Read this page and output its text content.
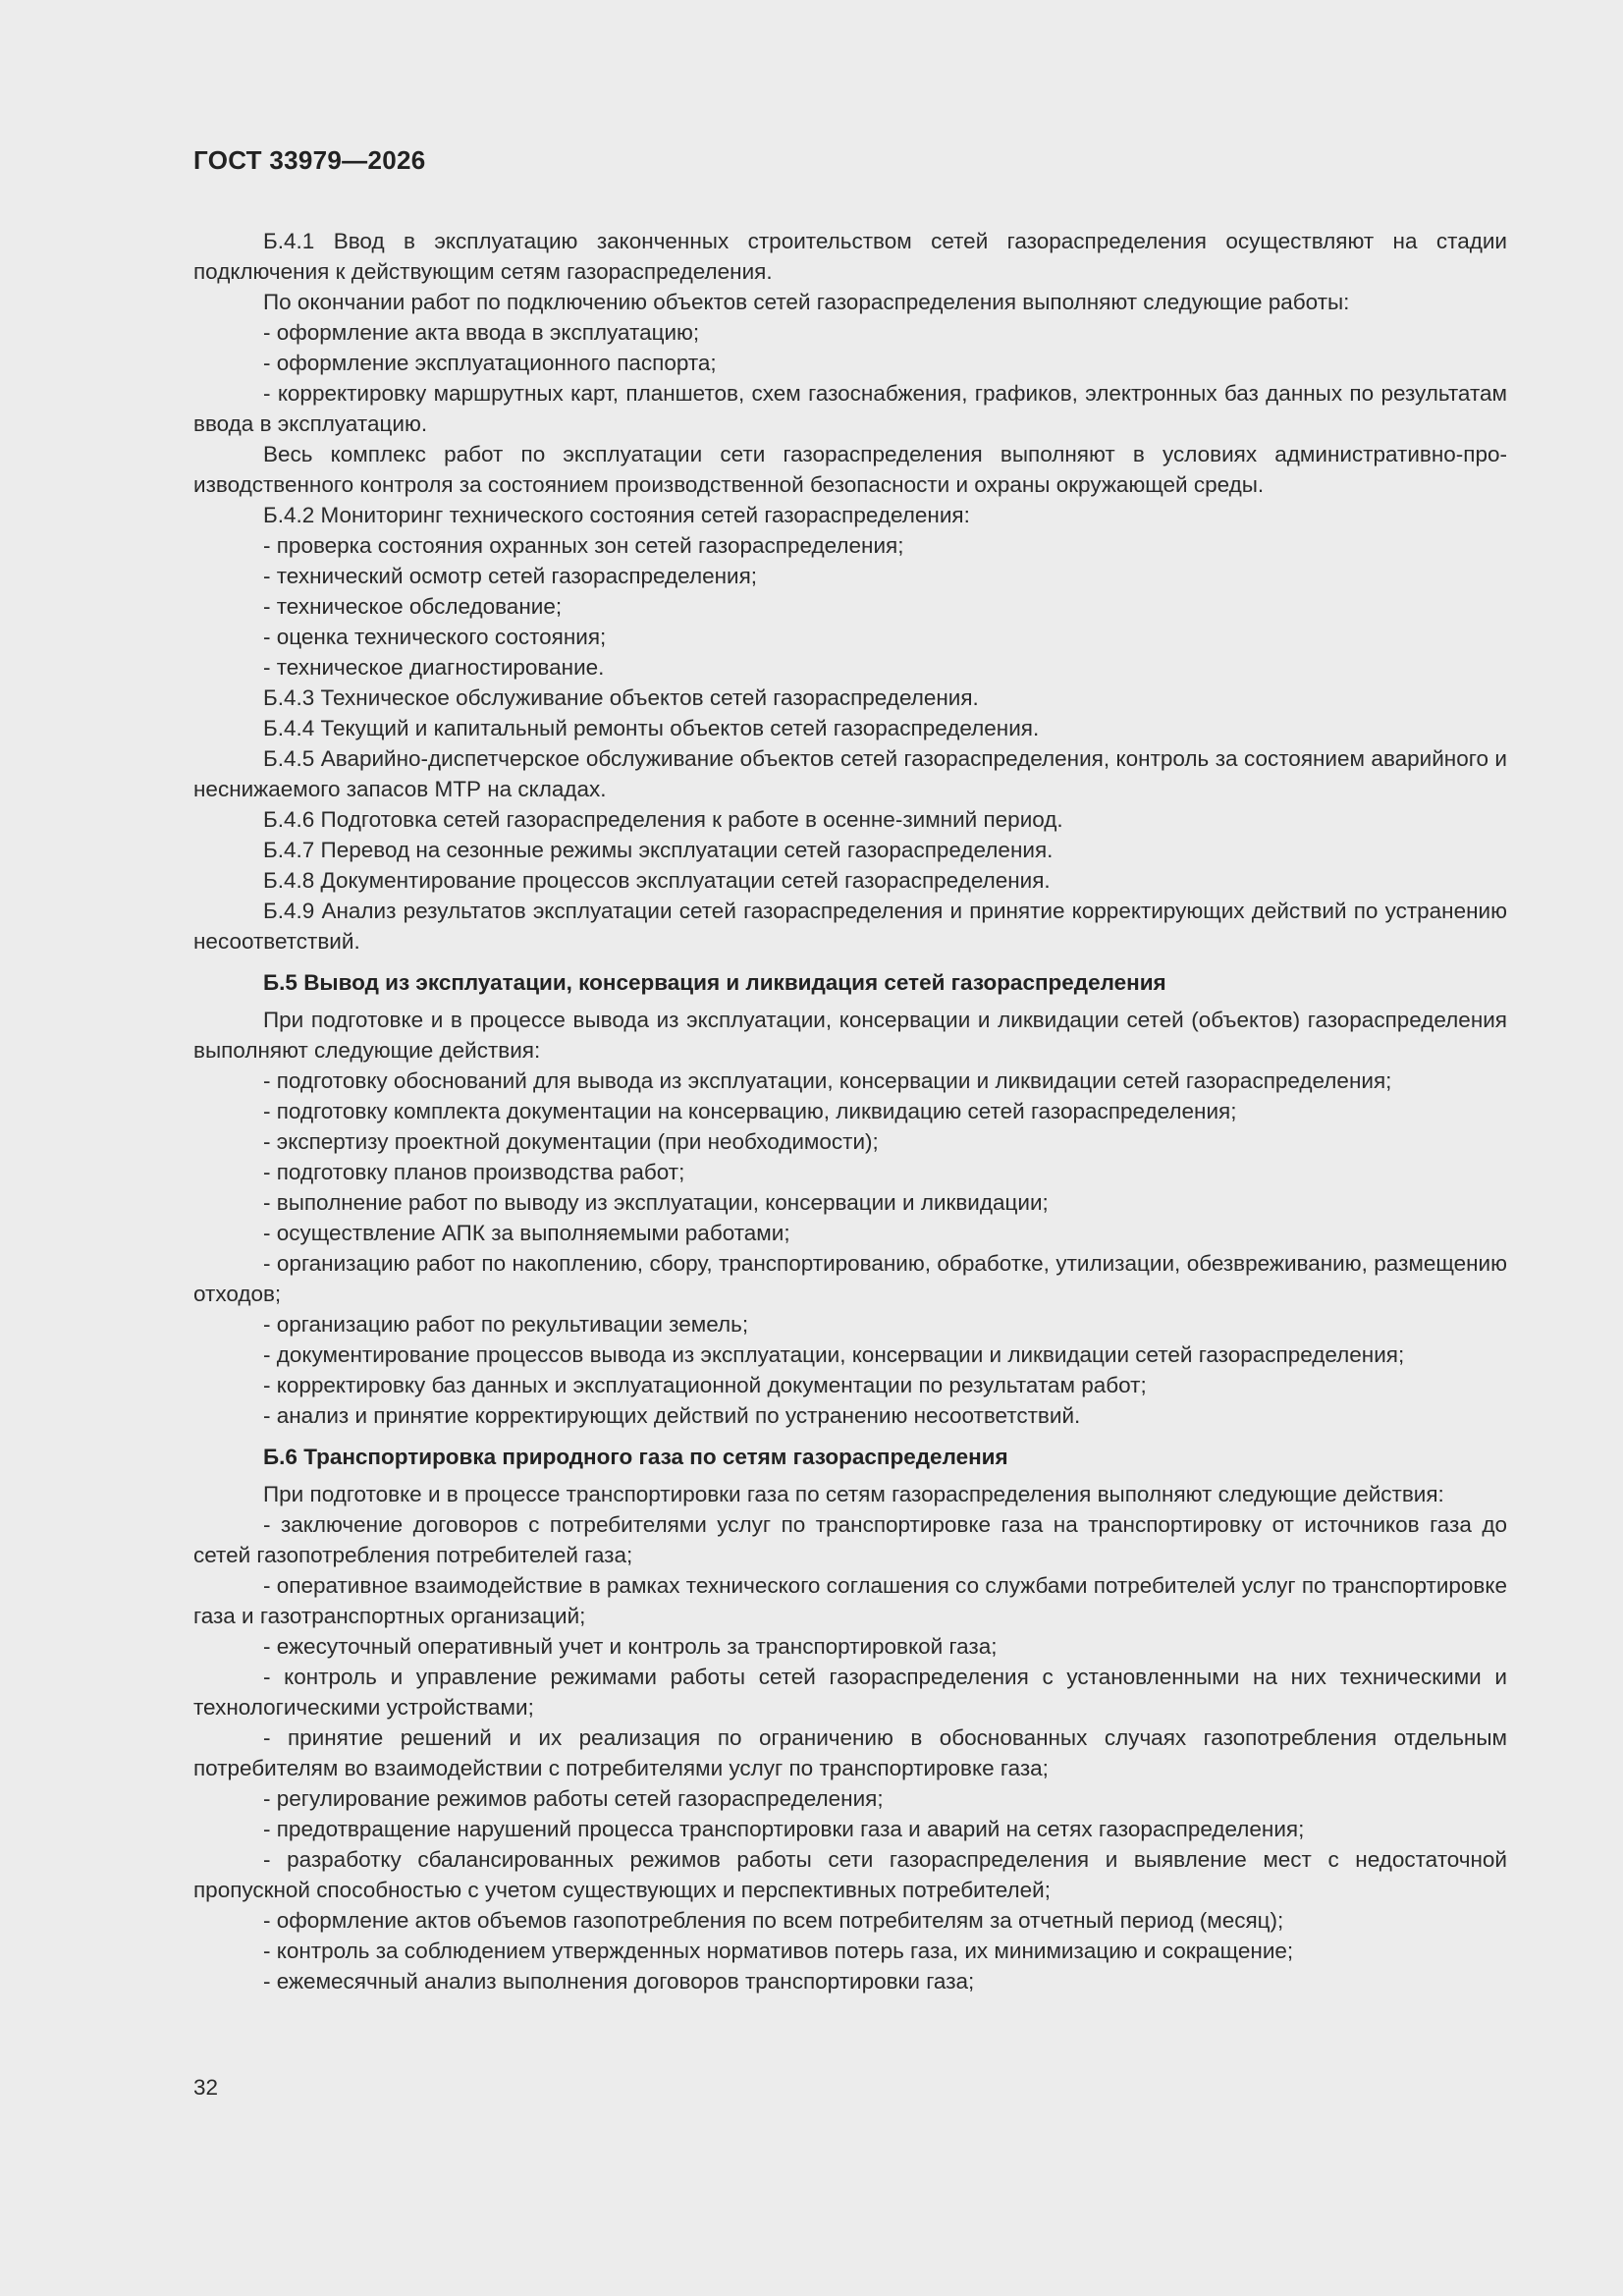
ГОСТ 33979—2026

Б.4.1 Ввод в эксплуатацию законченных строительством сетей газораспределения осуществляют на стадии подключения к действующим сетям газораспределения.

По окончании работ по подключению объектов сетей газораспределения выполняют следующие работы:

- оформление акта ввода в эксплуатацию;

- оформление эксплуатационного паспорта;

- корректировку маршрутных карт, планшетов, схем газоснабжения, графиков, электронных баз данных по результатам ввода в эксплуатацию.

Весь комплекс работ по эксплуатации сети газораспределения выполняют в условиях административно-производственного контроля за состоянием производственной безопасности и охраны окружающей среды.

Б.4.2 Мониторинг технического состояния сетей газораспределения:

- проверка состояния охранных зон сетей газораспределения;

- технический осмотр сетей газораспределения;

- техническое обследование;

- оценка технического состояния;

- техническое диагностирование.

Б.4.3 Техническое обслуживание объектов сетей газораспределения.

Б.4.4 Текущий и капитальный ремонты объектов сетей газораспределения.

Б.4.5 Аварийно-диспетчерское обслуживание объектов сетей газораспределения, контроль за состоянием аварийного и неснижаемого запасов МТР на складах.

Б.4.6 Подготовка сетей газораспределения к работе в осенне-зимний период.

Б.4.7 Перевод на сезонные режимы эксплуатации сетей газораспределения.

Б.4.8 Документирование процессов эксплуатации сетей газораспределения.

Б.4.9 Анализ результатов эксплуатации сетей газораспределения и принятие корректирующих действий по устранению несоответствий.

Б.5 Вывод из эксплуатации, консервация и ликвидация сетей газораспределения

При подготовке и в процессе вывода из эксплуатации, консервации и ликвидации сетей (объектов) газораспределения выполняют следующие действия:

- подготовку обоснований для вывода из эксплуатации, консервации и ликвидации сетей газораспределения;

- подготовку комплекта документации на консервацию, ликвидацию сетей газораспределения;

- экспертизу проектной документации (при необходимости);

- подготовку планов производства работ;

- выполнение работ по выводу из эксплуатации, консервации и ликвидации;

- осуществление АПК за выполняемыми работами;

- организацию работ по накоплению, сбору, транспортированию, обработке, утилизации, обезвреживанию, размещению отходов;

- организацию работ по рекультивации земель;

- документирование процессов вывода из эксплуатации, консервации и ликвидации сетей газораспределения;

- корректировку баз данных и эксплуатационной документации по результатам работ;

- анализ и принятие корректирующих действий по устранению несоответствий.

Б.6 Транспортировка природного газа по сетям газораспределения

При подготовке и в процессе транспортировки газа по сетям газораспределения выполняют следующие действия:

- заключение договоров с потребителями услуг по транспортировке газа на транспортировку от источников газа до сетей газопотребления потребителей газа;

- оперативное взаимодействие в рамках технического соглашения со службами потребителей услуг по транспортировке газа и газотранспортных организаций;

- ежесуточный оперативный учет и контроль за транспортировкой газа;

- контроль и управление режимами работы сетей газораспределения с установленными на них техническими и технологическими устройствами;

- принятие решений и их реализация по ограничению в обоснованных случаях газопотребления отдельным потребителям во взаимодействии с потребителями услуг по транспортировке газа;

- регулирование режимов работы сетей газораспределения;

- предотвращение нарушений процесса транспортировки газа и аварий на сетях газораспределения;

- разработку сбалансированных режимов работы сети газораспределения и выявление мест с недостаточной пропускной способностью с учетом существующих и перспективных потребителей;

- оформление актов объемов газопотребления по всем потребителям за отчетный период (месяц);

- контроль за соблюдением утвержденных нормативов потерь газа, их минимизацию и сокращение;

- ежемесячный анализ выполнения договоров транспортировки газа;

32
